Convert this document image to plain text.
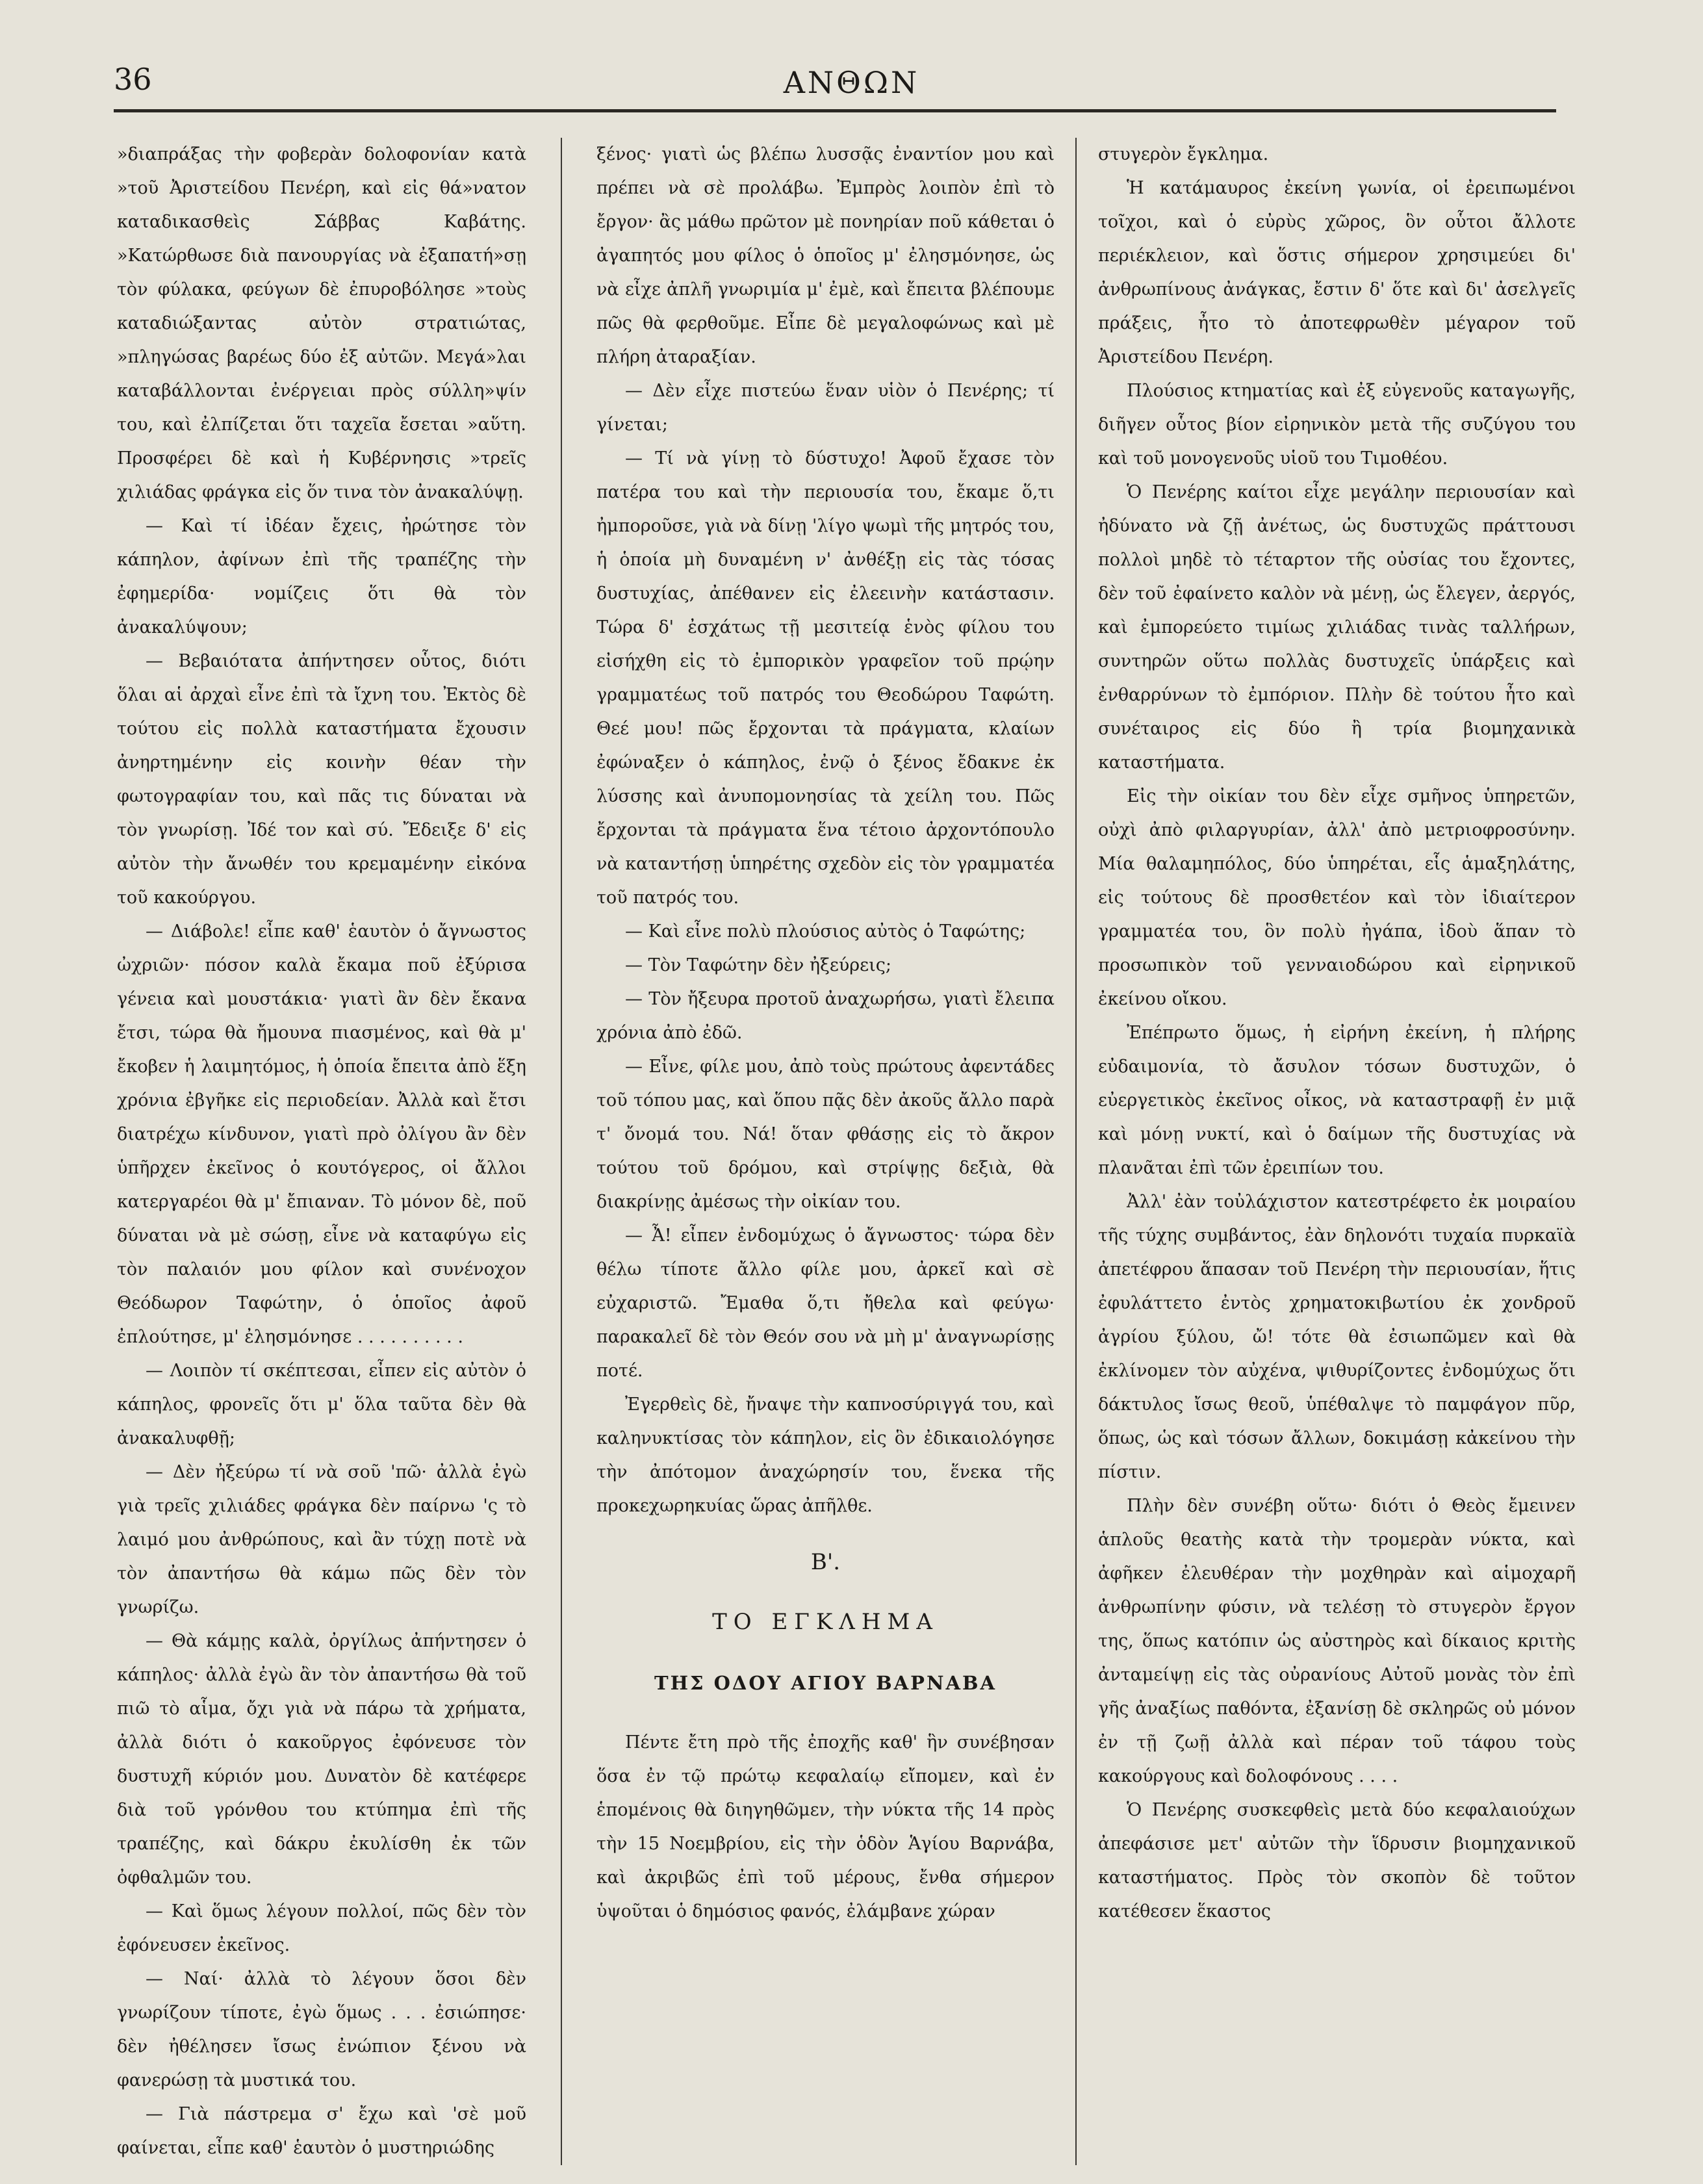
36	ΑΝΘΩΝ

»διαπράξας τὴν φοβερὰν δολοφονίαν κατὰ »τοῦ Ἀριστείδου Πενέρη, καὶ εἰς θά»νατον καταδικασθεὶς Σάββας Καβάτης. »Κατώρθωσε διὰ πανουργίας νὰ ἐξαπατή»σῃ τὸν φύλακα, φεύγων δὲ ἐπυροβόλησε »τοὺς καταδιώξαντας αὐτὸν στρατιώτας, »πληγώσας βαρέως δύο ἐξ αὐτῶν. Μεγά»λαι καταβάλλονται ἐνέργειαι πρὸς σύλλη»ψίν του, καὶ ἐλπίζεται ὅτι ταχεῖα ἔσεται »αὕτη. Προσφέρει δὲ καὶ ἡ Κυβέρνησις »τρεῖς χιλιάδας φράγκα εἰς ὅν τινα τὸν ἀνακαλύψῃ.

— Καὶ τί ἰδέαν ἔχεις, ἠρώτησε τὸν κάπηλον, ἀφίνων ἐπὶ τῆς τραπέζης τὴν ἐφημερίδα· νομίζεις ὅτι θὰ τὸν ἀνακαλύψουν;

— Βεβαιότατα ἀπήντησεν οὗτος, διότι ὅλαι αἱ ἀρχαὶ εἶνε ἐπὶ τὰ ἴχνη του. Ἐκτὸς δὲ τούτου εἰς πολλὰ καταστήματα ἔχουσιν ἀνηρτημένην εἰς κοινὴν θέαν τὴν φωτογραφίαν του, καὶ πᾶς τις δύναται νὰ τὸν γνωρίσῃ. Ἰδέ τον καὶ σύ. Ἔδειξε δ' εἰς αὐτὸν τὴν ἄνωθέν του κρεμαμένην εἰκόνα τοῦ κακούργου.

— Διάβολε! εἶπε καθ' ἑαυτὸν ὁ ἄγνωστος ὠχριῶν· πόσον καλὰ ἔκαμα ποῦ ἐξύρισα γένεια καὶ μουστάκια· γιατὶ ἂν δὲν ἔκανα ἔτσι, τώρα θὰ ἤμουνα πιασμένος, καὶ θὰ μ' ἔκοβεν ἡ λαιμητόμος, ἡ ὁποία ἔπειτα ἀπὸ ἕξη χρόνια ἐβγῆκε εἰς περιοδείαν. Ἀλλὰ καὶ ἔτσι διατρέχω κίνδυνον, γιατὶ πρὸ ὀλίγου ἂν δὲν ὑπῆρχεν ἐκεῖνος ὁ κουτόγερος, οἱ ἄλλοι κατεργαρέοι θὰ μ' ἔπιαναν. Τὸ μόνον δὲ, ποῦ δύναται νὰ μὲ σώσῃ, εἶνε νὰ καταφύγω εἰς τὸν παλαιόν μου φίλον καὶ συνένοχον Θεόδωρον Ταφώτην, ὁ ὁποῖος ἀφοῦ ἐπλούτησε, μ' ἐλησμόνησε . . . . . . . . . .

— Λοιπὸν τί σκέπτεσαι, εἶπεν εἰς αὐτὸν ὁ κάπηλος, φρονεῖς ὅτι μ' ὅλα ταῦτα δὲν θὰ ἀνακαλυφθῇ;

— Δὲν ἠξεύρω τί νὰ σοῦ 'πῶ· ἀλλὰ ἐγὼ γιὰ τρεῖς χιλιάδες φράγκα δὲν παίρνω 'ς τὸ λαιμό μου ἀνθρώπους, καὶ ἂν τύχῃ ποτὲ νὰ τὸν ἀπαντήσω θὰ κάμω πῶς δὲν τὸν γνωρίζω.

— Θὰ κάμῃς καλὰ, ὀργίλως ἀπήντησεν ὁ κάπηλος· ἀλλὰ ἐγὼ ἂν τὸν ἀπαντήσω θὰ τοῦ πιῶ τὸ αἷμα, ὄχι γιὰ νὰ πάρω τὰ χρήματα, ἀλλὰ διότι ὁ κακοῦργος ἐφόνευσε τὸν δυστυχῆ κύριόν μου. Δυνατὸν δὲ κατέφερε διὰ τοῦ γρόνθου του κτύπημα ἐπὶ τῆς τραπέζης, καὶ δάκρυ ἐκυλίσθη ἐκ τῶν ὀφθαλμῶν του.

— Καὶ ὅμως λέγουν πολλοί, πῶς δὲν τὸν ἐφόνευσεν ἐκεῖνος.

— Ναί· ἀλλὰ τὸ λέγουν ὅσοι δὲν γνωρίζουν τίποτε, ἐγὼ ὅμως . . . ἐσιώπησε· δὲν ἠθέλησεν ἴσως ἐνώπιον ξένου νὰ φανερώσῃ τὰ μυστικά του.

— Γιὰ πάστρεμα σ' ἔχω καὶ 'σὲ μοῦ φαίνεται, εἶπε καθ' ἑαυτὸν ὁ μυστηριώδης

ξένος· γιατὶ ὡς βλέπω λυσσᾷς ἐναντίον μου καὶ πρέπει νὰ σὲ προλάβω. Ἐμπρὸς λοιπὸν ἐπὶ τὸ ἔργον· ἂς μάθω πρῶτον μὲ πονηρίαν ποῦ κάθεται ὁ ἀγαπητός μου φίλος ὁ ὁποῖος μ' ἐλησμόνησε, ὡς νὰ εἶχε ἀπλῆ γνωριμία μ' ἐμὲ, καὶ ἔπειτα βλέπουμε πῶς θὰ φερθοῦμε. Εἶπε δὲ μεγαλοφώνως καὶ μὲ πλήρη ἀταραξίαν.

— Δὲν εἶχε πιστεύω ἕναν υἱὸν ὁ Πενέρης; τί γίνεται;

— Τί νὰ γίνῃ τὸ δύστυχο! Ἀφοῦ ἔχασε τὸν πατέρα του καὶ τὴν περιουσία του, ἔκαμε ὅ,τι ἠμποροῦσε, γιὰ νὰ δίνῃ 'λίγο ψωμὶ τῆς μητρός του, ἡ ὁποία μὴ δυναμένη ν' ἀνθέξῃ εἰς τὰς τόσας δυστυχίας, ἀπέθανεν εἰς ἐλεεινὴν κατάστασιν. Τώρα δ' ἐσχάτως τῇ μεσιτείᾳ ἑνὸς φίλου του εἰσήχθη εἰς τὸ ἐμπορικὸν γραφεῖον τοῦ πρῴην γραμματέως τοῦ πατρός του Θεοδώρου Ταφώτη. Θεέ μου! πῶς ἔρχονται τὰ πράγματα, κλαίων ἐφώναξεν ὁ κάπηλος, ἐνῷ ὁ ξένος ἔδακνε ἐκ λύσσης καὶ ἀνυπομονησίας τὰ χείλη του. Πῶς ἔρχονται τὰ πράγματα ἕνα τέτοιο ἀρχοντόπουλο νὰ καταντήσῃ ὑπηρέτης σχεδὸν εἰς τὸν γραμματέα τοῦ πατρός του.

— Καὶ εἶνε πολὺ πλούσιος αὐτὸς ὁ Ταφώτης;

— Τὸν Ταφώτην δὲν ἠξεύρεις;

— Τὸν ἤξευρα προτοῦ ἀναχωρήσω, γιατὶ ἔλειπα χρόνια ἀπὸ ἐδῶ.

— Εἶνε, φίλε μου, ἀπὸ τοὺς πρώτους ἀφεντάδες τοῦ τόπου μας, καὶ ὅπου πᾷς δὲν ἀκοῦς ἄλλο παρὰ τ' ὄνομά του. Νά! ὅταν φθάσῃς εἰς τὸ ἄκρον τούτου τοῦ δρόμου, καὶ στρίψῃς δεξιὰ, θὰ διακρίνῃς ἀμέσως τὴν οἰκίαν του.

— Ἆ! εἶπεν ἐνδομύχως ὁ ἄγνωστος· τώρα δὲν θέλω τίποτε ἄλλο φίλε μου, ἀρκεῖ καὶ σὲ εὐχαριστῶ. Ἔμαθα ὅ,τι ἤθελα καὶ φεύγω· παρακαλεῖ δὲ τὸν Θεόν σου νὰ μὴ μ' ἀναγνωρίσῃς ποτέ.

Ἐγερθεὶς δὲ, ἤναψε τὴν καπνοσύριγγά του, καὶ καληνυκτίσας τὸν κάπηλον, εἰς ὃν ἐδικαιολόγησε τὴν ἀπότομον ἀναχώρησίν του, ἕνεκα τῆς προκεχωρηκυίας ὥρας ἀπῆλθε.

Β'.

ΤΟ ΕΓΚΛΗΜΑ

ΤΗΣ ΟΔΟΥ ΑΓΙΟΥ ΒΑΡΝΑΒΑ

Πέντε ἔτη πρὸ τῆς ἐποχῆς καθ' ἣν συνέβησαν ὅσα ἐν τῷ πρώτῳ κεφαλαίῳ εἴπομεν, καὶ ἐν ἑπομένοις θὰ διηγηθῶμεν, τὴν νύκτα τῆς 14 πρὸς τὴν 15 Νοεμβρίου, εἰς τὴν ὁδὸν Ἁγίου Βαρνάβα, καὶ ἀκριβῶς ἐπὶ τοῦ μέρους, ἔνθα σήμερον ὑψοῦται ὁ δημόσιος φανός, ἐλάμβανε χώραν

στυγερὸν ἔγκλημα.

Ἡ κατάμαυρος ἐκείνη γωνία, οἱ ἐρειπωμένοι τοῖχοι, καὶ ὁ εὐρὺς χῶρος, ὃν οὗτοι ἄλλοτε περιέκλειον, καὶ ὅστις σήμερον χρησιμεύει δι' ἀνθρωπίνους ἀνάγκας, ἔστιν δ' ὅτε καὶ δι' ἀσελγεῖς πράξεις, ἦτο τὸ ἀποτεφρωθὲν μέγαρον τοῦ Ἀριστείδου Πενέρη.

Πλούσιος κτηματίας καὶ ἐξ εὐγενοῦς καταγωγῆς, διῆγεν οὗτος βίον εἰρηνικὸν μετὰ τῆς συζύγου του καὶ τοῦ μονογενοῦς υἱοῦ του Τιμοθέου.

Ὁ Πενέρης καίτοι εἶχε μεγάλην περιουσίαν καὶ ἠδύνατο νὰ ζῇ ἀνέτως, ὡς δυστυχῶς πράττουσι πολλοὶ μηδὲ τὸ τέταρτον τῆς οὐσίας του ἔχοντες, δὲν τοῦ ἐφαίνετο καλὸν νὰ μένῃ, ὡς ἔλεγεν, ἀεργός, καὶ ἐμπορεύετο τιμίως χιλιάδας τινὰς ταλλήρων, συντηρῶν οὕτω πολλὰς δυστυχεῖς ὑπάρξεις καὶ ἐνθαρρύνων τὸ ἐμπόριον. Πλὴν δὲ τούτου ἦτο καὶ συνέταιρος εἰς δύο ἢ τρία βιομηχανικὰ καταστήματα.

Εἰς τὴν οἰκίαν του δὲν εἶχε σμῆνος ὑπηρετῶν, οὐχὶ ἀπὸ φιλαργυρίαν, ἀλλ' ἀπὸ μετριοφροσύνην. Μία θαλαμηπόλος, δύο ὑπηρέται, εἷς ἁμαξηλάτης, εἰς τούτους δὲ προσθετέον καὶ τὸν ἰδιαίτερον γραμματέα του, ὃν πολὺ ἠγάπα, ἰδοὺ ἅπαν τὸ προσωπικὸν τοῦ γενναιοδώρου καὶ εἰρηνικοῦ ἐκείνου οἴκου.

Ἐπέπρωτο ὅμως, ἡ εἰρήνη ἐκείνη, ἡ πλήρης εὐδαιμονία, τὸ ἄσυλον τόσων δυστυχῶν, ὁ εὐεργετικὸς ἐκεῖνος οἶκος, νὰ καταστραφῇ ἐν μιᾷ καὶ μόνῃ νυκτί, καὶ ὁ δαίμων τῆς δυστυχίας νὰ πλανᾶται ἐπὶ τῶν ἐρειπίων του.

Ἀλλ' ἐὰν τοὐλάχιστον κατεστρέφετο ἐκ μοιραίου τῆς τύχης συμβάντος, ἐὰν δηλονότι τυχαία πυρκαϊὰ ἀπετέφρου ἅπασαν τοῦ Πενέρη τὴν περιουσίαν, ἥτις ἐφυλάττετο ἐντὸς χρηματοκιβωτίου ἐκ χονδροῦ ἀγρίου ξύλου, ὤ! τότε θὰ ἐσιωπῶμεν καὶ θὰ ἐκλίνομεν τὸν αὐχένα, ψιθυρίζοντες ἐνδομύχως ὅτι δάκτυλος ἴσως θεοῦ, ὑπέθαλψε τὸ παμφάγον πῦρ, ὅπως, ὡς καὶ τόσων ἄλλων, δοκιμάσῃ κἀκείνου τὴν πίστιν.

Πλὴν δὲν συνέβη οὕτω· διότι ὁ Θεὸς ἔμεινεν ἁπλοῦς θεατὴς κατὰ τὴν τρομερὰν νύκτα, καὶ ἀφῆκεν ἐλευθέραν τὴν μοχθηρὰν καὶ αἱμοχαρῆ ἀνθρωπίνην φύσιν, νὰ τελέσῃ τὸ στυγερὸν ἔργον της, ὅπως κατόπιν ὡς αὐστηρὸς καὶ δίκαιος κριτὴς ἀνταμείψῃ εἰς τὰς οὐρανίους Αὐτοῦ μονὰς τὸν ἐπὶ γῆς ἀναξίως παθόντα, ἐξανίσῃ δὲ σκληρῶς οὐ μόνον ἐν τῇ ζωῇ ἀλλὰ καὶ πέραν τοῦ τάφου τοὺς κακούργους καὶ δολοφόνους . . . .

Ὁ Πενέρης συσκεφθεὶς μετὰ δύο κεφαλαιούχων ἀπεφάσισε μετ' αὐτῶν τὴν ἵδρυσιν βιομηχανικοῦ καταστήματος. Πρὸς τὸν σκοπὸν δὲ τοῦτον κατέθεσεν ἕκαστος
